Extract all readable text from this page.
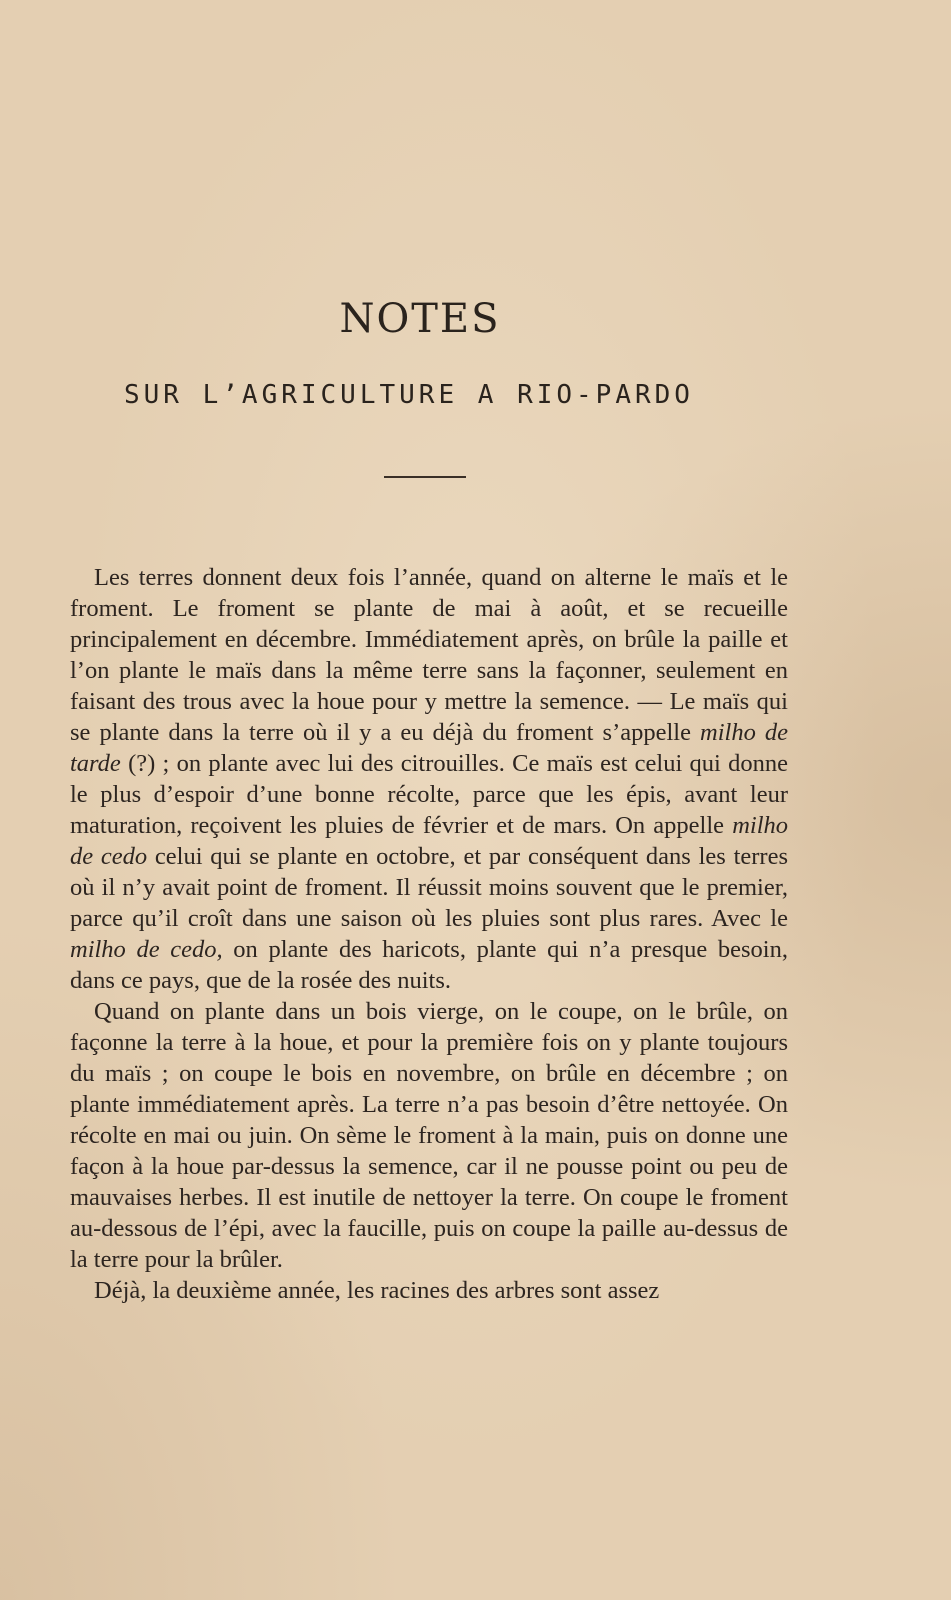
NOTES
SUR L’AGRICULTURE A RIO-PARDO

Les terres donnent deux fois l’année, quand on alterne le maïs et le froment. Le froment se plante de mai à août, et se recueille principalement en décembre. Immédiatement après, on brûle la paille et l’on plante le maïs dans la même terre sans la façonner, seulement en faisant des trous avec la houe pour y mettre la semence. — Le maïs qui se plante dans la terre où il y a eu déjà du froment s’appelle milho de tarde (?) ; on plante avec lui des citrouilles. Ce maïs est celui qui donne le plus d’espoir d’une bonne récolte, parce que les épis, avant leur maturation, reçoivent les pluies de février et de mars. On appelle milho de cedo celui qui se plante en octobre, et par conséquent dans les terres où il n’y avait point de froment. Il réussit moins souvent que le premier, parce qu’il croît dans une saison où les pluies sont plus rares. Avec le milho de cedo, on plante des haricots, plante qui n’a presque besoin, dans ce pays, que de la rosée des nuits.

Quand on plante dans un bois vierge, on le coupe, on le brûle, on façonne la terre à la houe, et pour la première fois on y plante toujours du maïs ; on coupe le bois en novembre, on brûle en décembre ; on plante immédiatement après. La terre n’a pas besoin d’être nettoyée. On récolte en mai ou juin. On sème le froment à la main, puis on donne une façon à la houe par-dessus la semence, car il ne pousse point ou peu de mauvaises herbes. Il est inutile de nettoyer la terre. On coupe le froment au-dessous de l’épi, avec la faucille, puis on coupe la paille au-dessus de la terre pour la brûler.

Déjà, la deuxième année, les racines des arbres sont assez
